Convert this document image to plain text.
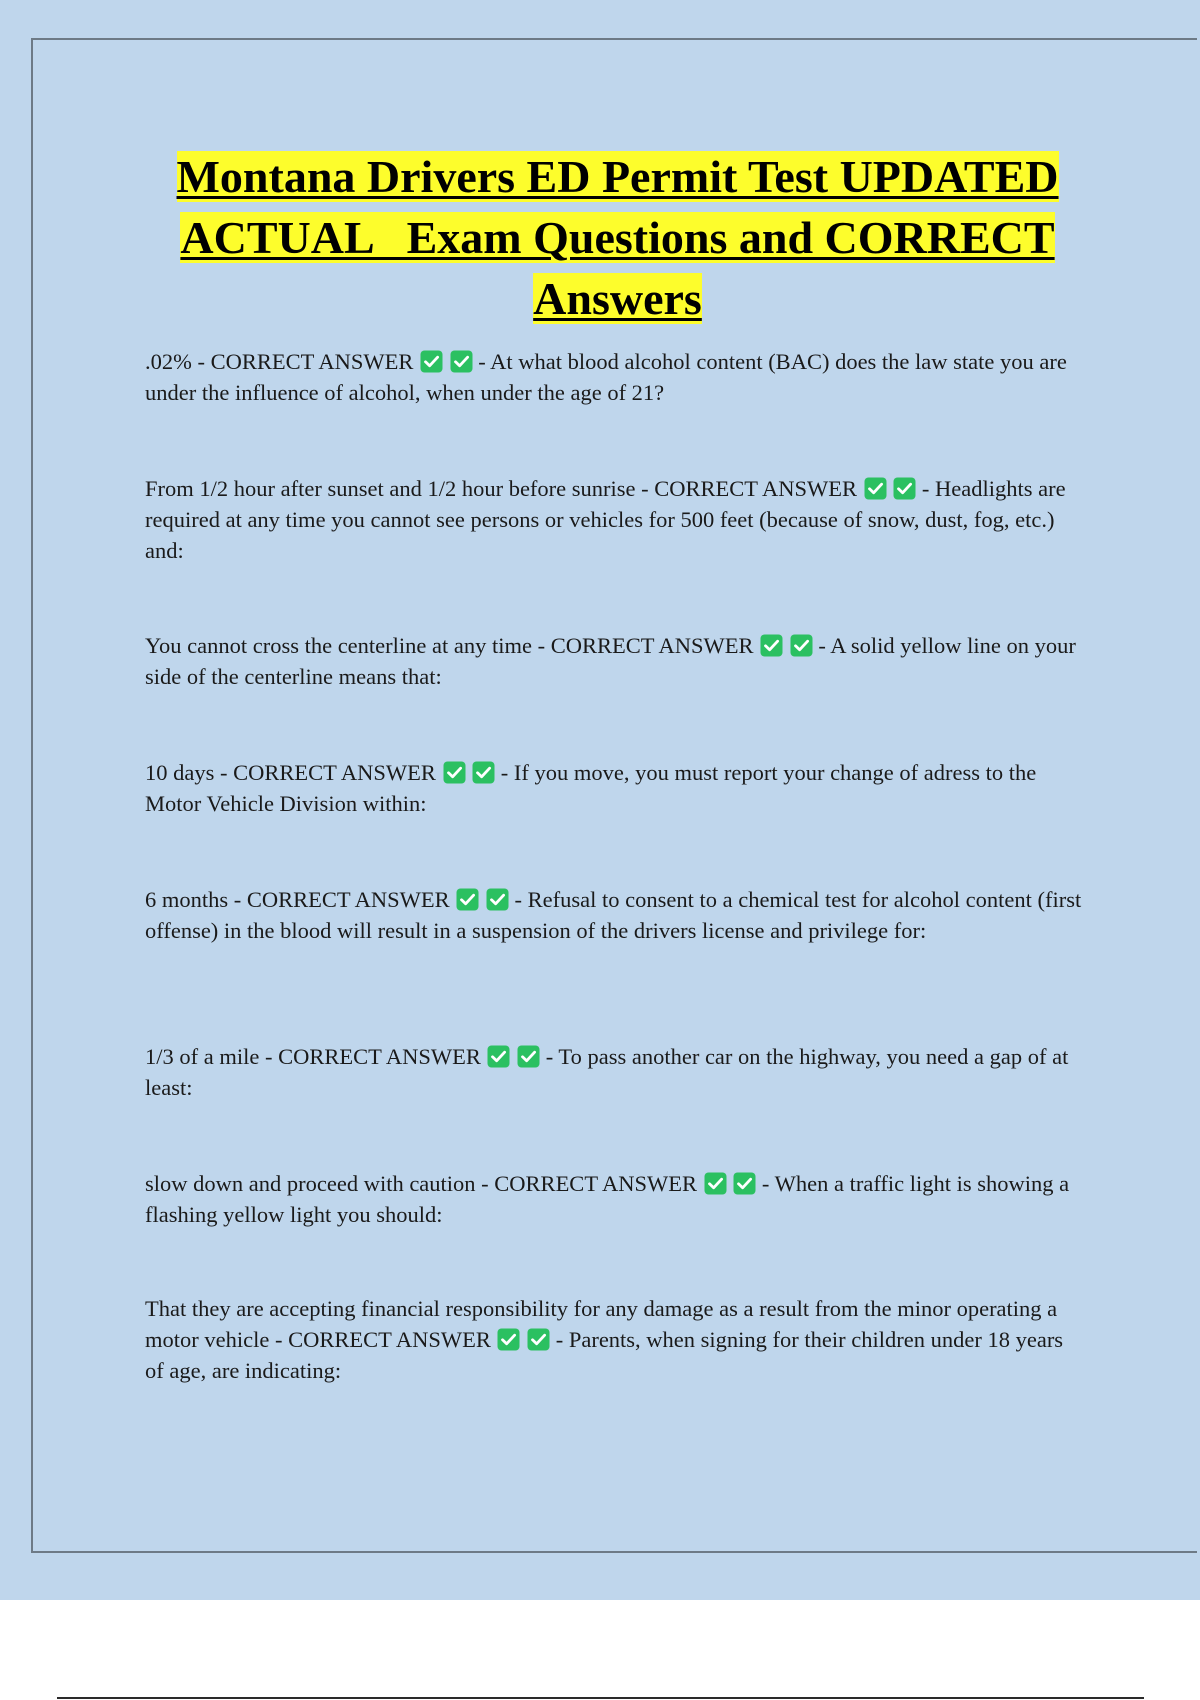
Montana Drivers ED Permit Test UPDATED
ACTUAL   Exam Questions and CORRECT
Answers

.02% - CORRECT ANSWER
	- At what blood alcohol content (BAC) does the law state you are under the influence of alcohol, when under the age of 21?

From 1/2 hour after sunset and 1/2 hour before sunrise - CORRECT ANSWER
	- Headlights are required at any time you cannot see persons or vehicles for 500 feet (because of snow, dust, fog, etc.) and:

You cannot cross the centerline at any time - CORRECT ANSWER
	- A solid yellow line on your side of the centerline means that:

10 days - CORRECT ANSWER
	- If you move, you must report your change of adress to the Motor Vehicle Division within:

6 months - CORRECT ANSWER
	- Refusal to consent to a chemical test for alcohol content (first offense) in the blood will result in a suspension of the drivers license and privilege for:

1/3 of a mile - CORRECT ANSWER
	- To pass another car on the highway, you need a gap of at least:

slow down and proceed with caution - CORRECT ANSWER
	- When a traffic light is showing a flashing yellow light you should:

That they are accepting financial responsibility for any damage as a result from the minor operating a motor vehicle - CORRECT ANSWER
	- Parents, when signing for their children under 18 years of age, are indicating:
